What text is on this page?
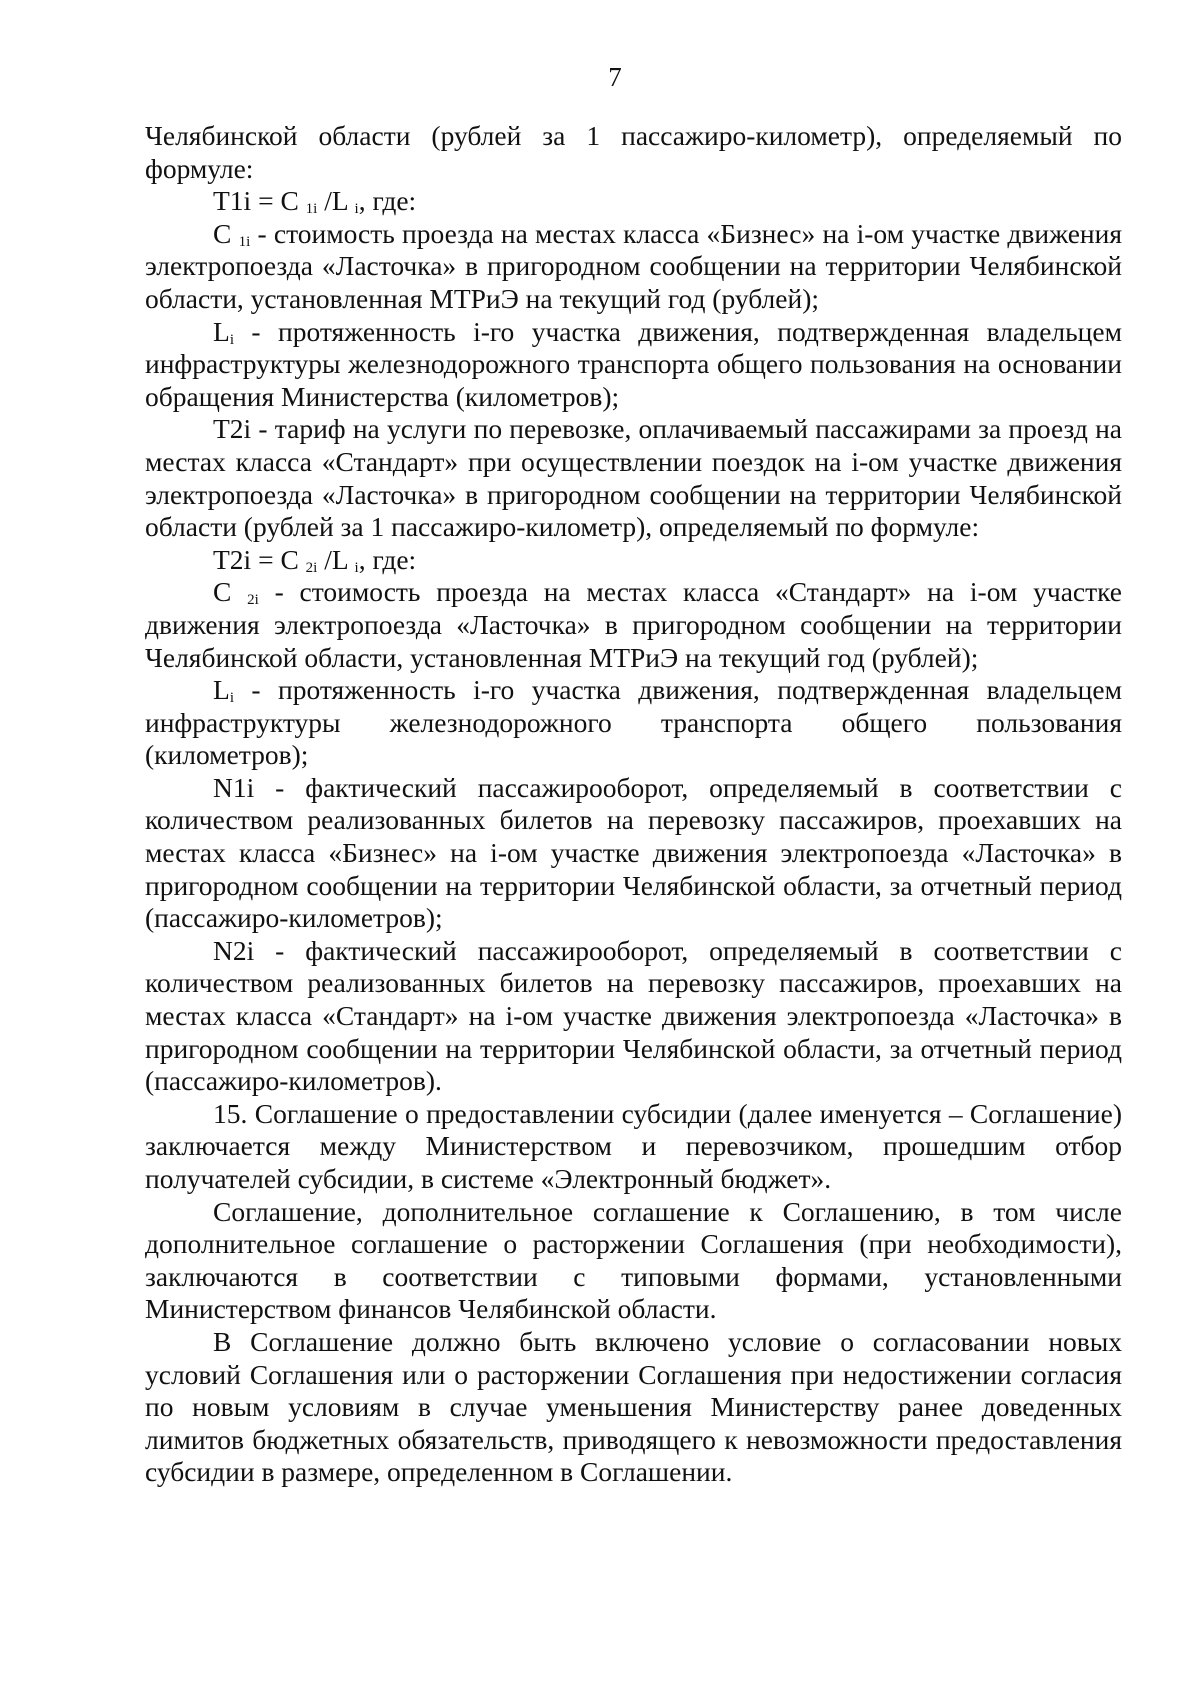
7

Челябинской области (рублей за 1 пассажиро-километр), определяемый по формуле:

T1i = C $_{1i}$ /L $_i$, где:

C $_{1i}$ - стоимость проезда на местах класса «Бизнес» на i-ом участке движения электропоезда «Ласточка» в пригородном сообщении на территории Челябинской области, установленная МТРиЭ на текущий год (рублей);

$L_i$ - протяженность i-го участка движения, подтвержденная владельцем инфраструктуры железнодорожного транспорта общего пользования на основании обращения Министерства (километров);

T2i - тариф на услуги по перевозке, оплачиваемый пассажирами за проезд на местах класса «Стандарт» при осуществлении поездок на i-ом участке движения электропоезда «Ласточка» в пригородном сообщении на территории Челябинской области (рублей за 1 пассажиро-километр), определяемый по формуле:

T2i = C $_{2i}$ /L $_i$, где:

C $_{2i}$ - стоимость проезда на местах класса «Стандарт» на i-ом участке движения электропоезда «Ласточка» в пригородном сообщении на территории Челябинской области, установленная МТРиЭ на текущий год (рублей);

$L_i$ - протяженность i-го участка движения, подтвержденная владельцем инфраструктуры железнодорожного транспорта общего пользования (километров);

N1i - фактический пассажирооборот, определяемый в соответствии с количеством реализованных билетов на перевозку пассажиров, проехавших на местах класса «Бизнес» на i-ом участке движения электропоезда «Ласточка» в пригородном сообщении на территории Челябинской области, за отчетный период (пассажиро-километров);

N2i - фактический пассажирооборот, определяемый в соответствии с количеством реализованных билетов на перевозку пассажиров, проехавших на местах класса «Стандарт» на i-ом участке движения электропоезда «Ласточка» в пригородном сообщении на территории Челябинской области, за отчетный период (пассажиро-километров).

15. Соглашение о предоставлении субсидии (далее именуется – Соглашение) заключается между Министерством и перевозчиком, прошедшим отбор получателей субсидии, в системе «Электронный бюджет».

Соглашение, дополнительное соглашение к Соглашению, в том числе дополнительное соглашение о расторжении Соглашения (при необходимости), заключаются в соответствии с типовыми формами, установленными Министерством финансов Челябинской области.

В Соглашение должно быть включено условие о согласовании новых условий Соглашения или о расторжении Соглашения при недостижении согласия по новым условиям в случае уменьшения Министерству ранее доведенных лимитов бюджетных обязательств, приводящего к невозможности предоставления субсидии в размере, определенном в Соглашении.
